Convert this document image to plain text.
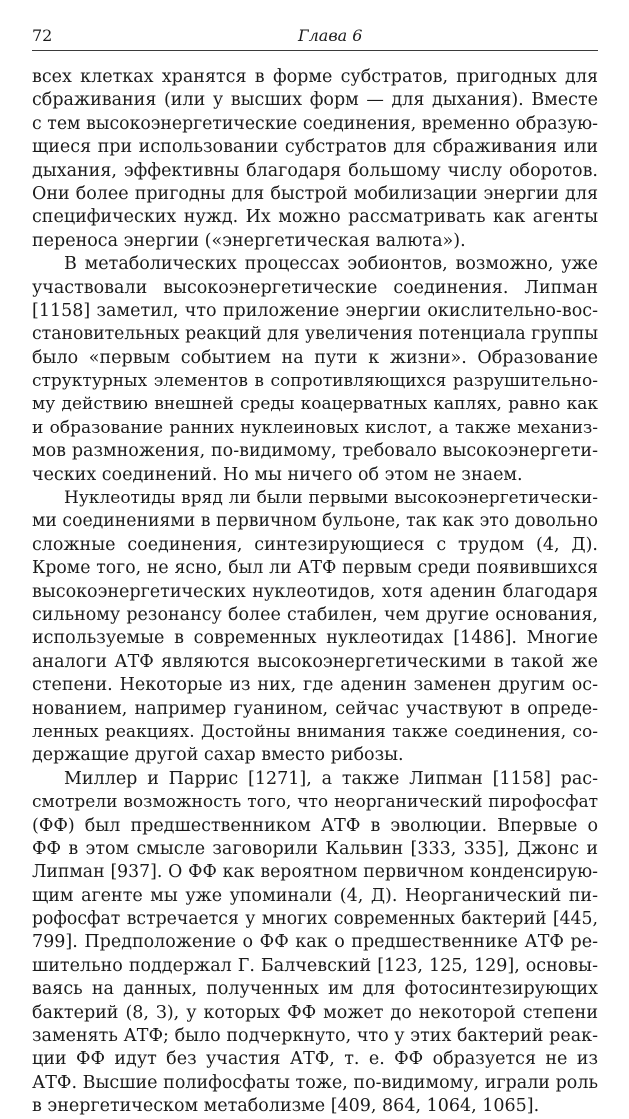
72	Глава 6
всех клетках хранятся в форме субстратов, пригодных для
сбраживания (или у высших форм — для дыхания). Вместе
с тем высокоэнергетические соединения, временно образую-
щиеся при использовании субстратов для сбраживания или
дыхания, эффективны благодаря большому числу оборотов.
Они более пригодны для быстрой мобилизации энергии для
специфических нужд. Их можно рассматривать как агенты
переноса энергии («энергетическая валюта»).
В метаболических процессах эобионтов, возможно, уже
участвовали высокоэнергетические соединения. Липман
[1158] заметил, что приложение энергии окислительно-вос-
становительных реакций для увеличения потенциала группы
было «первым событием на пути к жизни». Образование
структурных элементов в сопротивляющихся разрушительно-
му действию внешней среды коацерватных каплях, равно как
и образование ранних нуклеиновых кислот, а также механиз-
мов размножения, по-видимому, требовало высокоэнергети-
ческих соединений. Но мы ничего об этом не знаем.
Нуклеотиды вряд ли были первыми высокоэнергетически-
ми соединениями в первичном бульоне, так как это довольно
сложные соединения, синтезирующиеся с трудом (4, Д).
Кроме того, не ясно, был ли АТФ первым среди появившихся
высокоэнергетических нуклеотидов, хотя аденин благодаря
сильному резонансу более стабилен, чем другие основания,
используемые в современных нуклеотидах [1486]. Многие
аналоги АТФ являются высокоэнергетическими в такой же
степени. Некоторые из них, где аденин заменен другим ос-
нованием, например гуанином, сейчас участвуют в опреде-
ленных реакциях. Достойны внимания также соединения, со-
держащие другой сахар вместо рибозы.
Миллер и Паррис [1271], а также Липман [1158] рас-
смотрели возможность того, что неорганический пирофосфат
(ФФ) был предшественником АТФ в эволюции. Впервые о
ФФ в этом смысле заговорили Кальвин [333, 335], Джонс и
Липман [937]. О ФФ как вероятном первичном конденсирую-
щим агенте мы уже упоминали (4, Д). Неорганический пи-
рофосфат встречается у многих современных бактерий [445,
799]. Предположение о ФФ как о предшественнике АТФ ре-
шительно поддержал Г. Балчевский [123, 125, 129], основы-
ваясь на данных, полученных им для фотосинтезирующих
бактерий (8, З), у которых ФФ может до некоторой степени
заменять АТФ; было подчеркнуто, что у этих бактерий реак-
ции ФФ идут без участия АТФ, т. е. ФФ образуется не из
АТФ. Высшие полифосфаты тоже, по-видимому, играли роль
в энергетическом метаболизме [409, 864, 1064, 1065].
